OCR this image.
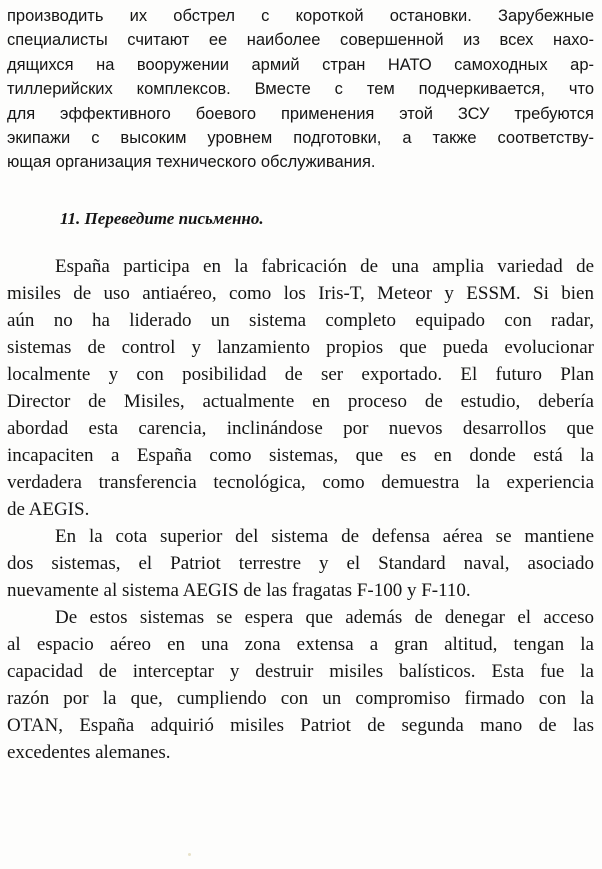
производить их обстрел с короткой остановки. Зарубежные
специалисты считают ее наиболее совершенной из всех нахо-
дящихся на вооружении армий стран НАТО самоходных ар-
тиллерийских комплексов. Вместе с тем подчеркивается, что
для эффективного боевого применения этой ЗСУ требуются
экипажи с высоким уровнем подготовки, а также соответству-
ющая организация технического обслуживания.
11. Переведите письменно.
España participa en la fabricación de una amplia variedad de
misiles de uso antiaéreo, como los Iris-T, Meteor y ESSM. Si bien
aún no ha liderado un sistema completo equipado con radar,
sistemas de control y lanzamiento propios que pueda evolucionar
localmente y con posibilidad de ser exportado. El futuro Plan
Director de Misiles, actualmente en proceso de estudio, debería
abordad esta carencia, inclinándose por nuevos desarrollos que
incapaciten a España como sistemas, que es en donde está la
verdadera transferencia tecnológica, como demuestra la experiencia
de AEGIS.
En la cota superior del sistema de defensa aérea se mantiene
dos sistemas, el Patriot terrestre y el Standard naval, asociado
nuevamente al sistema AEGIS de las fragatas F-100 y F-110.
De estos sistemas se espera que además de denegar el acceso
al espacio aéreo en una zona extensa a gran altitud, tengan la
capacidad de interceptar y destruir misiles balísticos. Esta fue la
razón por la que, cumpliendo con un compromiso firmado con la
OTAN, España adquirió misiles Patriot de segunda mano de las
excedentes alemanes.
